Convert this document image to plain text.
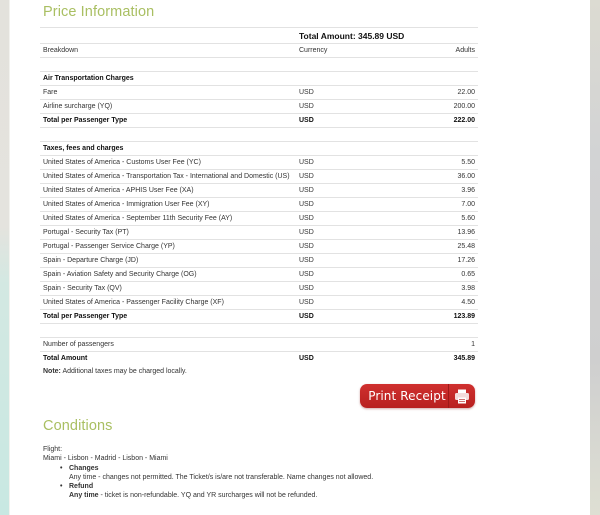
Price Information
	Total Amount: 345.89 USD	
Breakdown	Currency	Adults

Air Transportation Charges		
Fare	USD	22.00
Airline surcharge (YQ)	USD	200.00
Total per Passenger Type	USD	222.00

Taxes, fees and charges		
United States of America - Customs User Fee (YC)	USD	5.50
United States of America - Transportation Tax - International and Domestic (US)	USD	36.00
United States of America - APHIS User Fee (XA)	USD	3.96
United States of America - Immigration User Fee (XY)	USD	7.00
United States of America - September 11th Security Fee (AY)	USD	5.60
Portugal - Security Tax (PT)	USD	13.96
Portugal - Passenger Service Charge (YP)	USD	25.48
Spain - Departure Charge (JD)	USD	17.26
Spain - Aviation Safety and Security Charge (OG)	USD	0.65
Spain - Security Tax (QV)	USD	3.98
United States of America - Passenger Facility Charge (XF)	USD	4.50
Total per Passenger Type	USD	123.89

Number of passengers		1
Total Amount	USD	345.89
Note: Additional taxes may be charged locally.		
Print Receipt
Conditions
Flight:
Miami - Lisbon - Madrid - Lisbon - Miami
• Changes
Any time - changes not permitted. The Ticket/s is/are not transferable. Name changes not allowed.
• Refund
Any time - ticket is non-refundable. YQ and YR surcharges will not be refunded.
